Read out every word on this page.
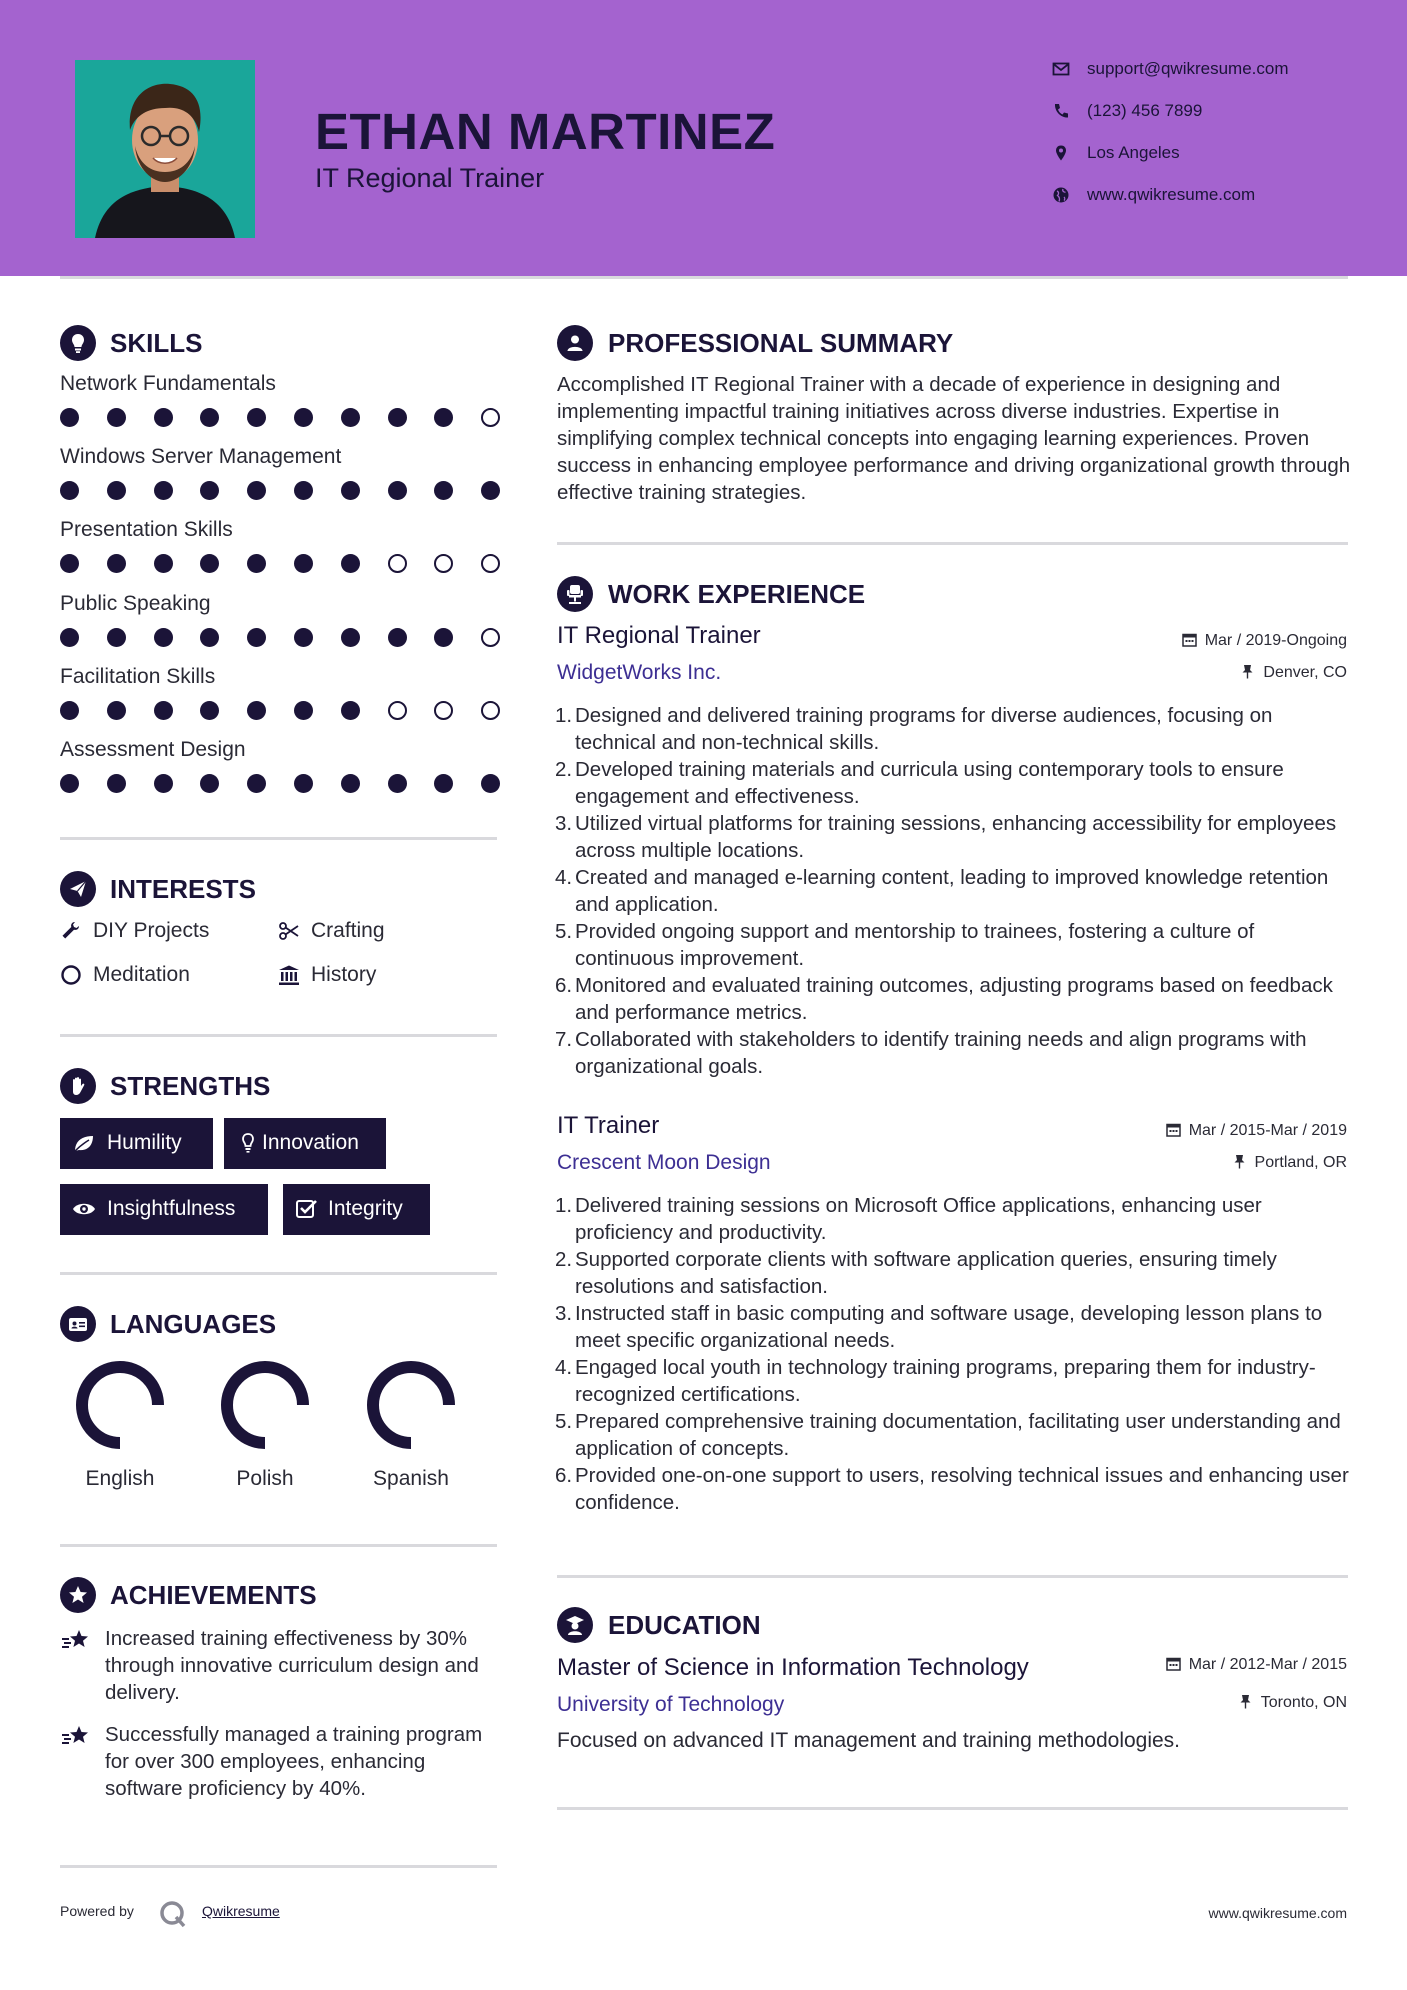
ETHAN MARTINEZ
IT Regional Trainer
support@qwikresume.com
(123) 456 7899
Los Angeles
www.qwikresume.com
SKILLS
Network Fundamentals
Windows Server Management
Presentation Skills
Public Speaking
Facilitation Skills
Assessment Design
INTERESTS
DIY Projects	Crafting
Meditation	History
STRENGTHS
Humility	Innovation
Insightfulness	Integrity
LANGUAGES
English	Polish	Spanish
ACHIEVEMENTS
Increased training effectiveness by 30% through innovative curriculum design and delivery.
Successfully managed a training program for over 300 employees, enhancing software proficiency by 40%.
PROFESSIONAL SUMMARY
Accomplished IT Regional Trainer with a decade of experience in designing and implementing impactful training initiatives across diverse industries. Expertise in simplifying complex technical concepts into engaging learning experiences. Proven success in enhancing employee performance and driving organizational growth through effective training strategies.
WORK EXPERIENCE
IT Regional Trainer
WidgetWorks Inc.
Mar / 2019-Ongoing
Denver, CO
1. Designed and delivered training programs for diverse audiences, focusing on technical and non-technical skills.
2. Developed training materials and curricula using contemporary tools to ensure engagement and effectiveness.
3. Utilized virtual platforms for training sessions, enhancing accessibility for employees across multiple locations.
4. Created and managed e-learning content, leading to improved knowledge retention and application.
5. Provided ongoing support and mentorship to trainees, fostering a culture of continuous improvement.
6. Monitored and evaluated training outcomes, adjusting programs based on feedback and performance metrics.
7. Collaborated with stakeholders to identify training needs and align programs with organizational goals.
IT Trainer
Crescent Moon Design
Mar / 2015-Mar / 2019
Portland, OR
1. Delivered training sessions on Microsoft Office applications, enhancing user proficiency and productivity.
2. Supported corporate clients with software application queries, ensuring timely resolutions and satisfaction.
3. Instructed staff in basic computing and software usage, developing lesson plans to meet specific organizational needs.
4. Engaged local youth in technology training programs, preparing them for industry-recognized certifications.
5. Prepared comprehensive training documentation, facilitating user understanding and application of concepts.
6. Provided one-on-one support to users, resolving technical issues and enhancing user confidence.
EDUCATION
Master of Science in Information Technology
University of Technology
Mar / 2012-Mar / 2015
Toronto, ON
Focused on advanced IT management and training methodologies.
Powered by	Qwikresume	www.qwikresume.com
